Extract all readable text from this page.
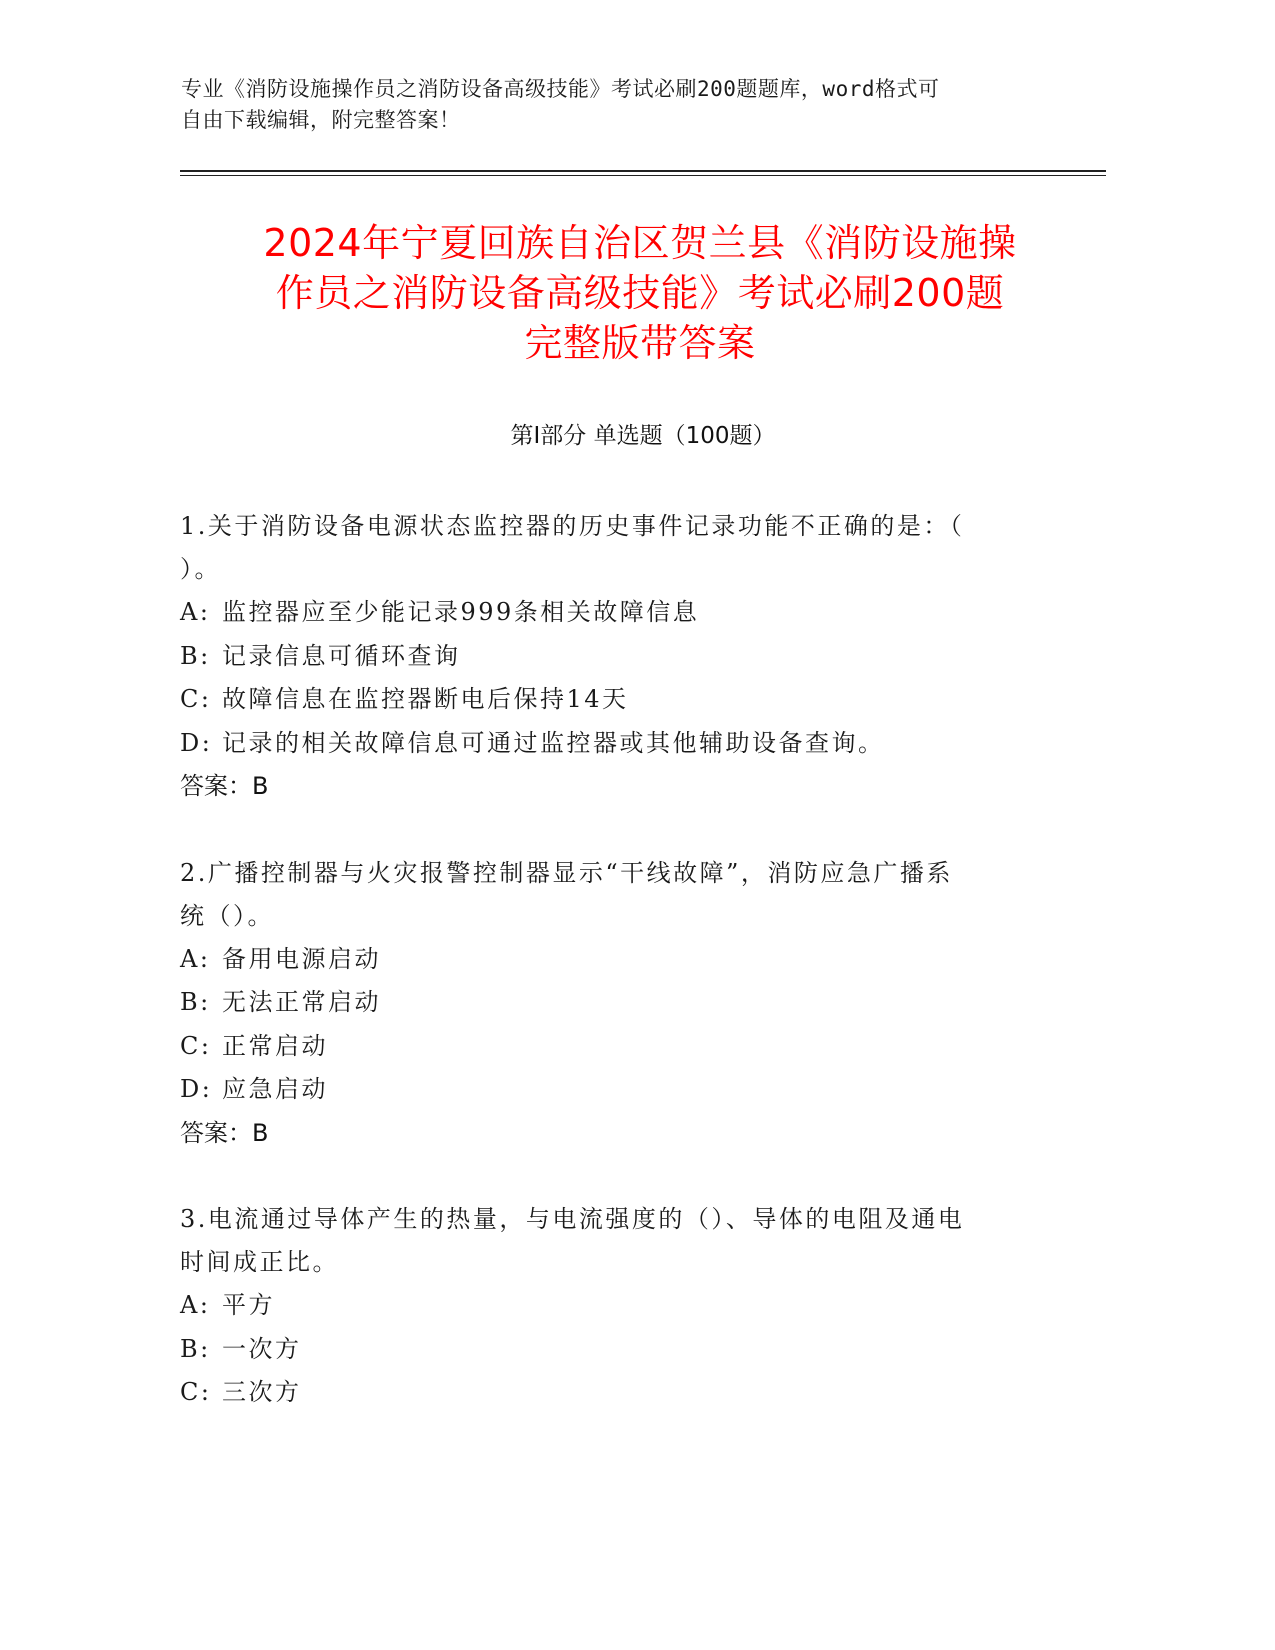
专业《消防设施操作员之消防设备高级技能》考试必刷200题题库，word格式可
自由下载编辑，附完整答案！
2024年宁夏回族自治区贺兰县《消防设施操
作员之消防设备高级技能》考试必刷200题
完整版带答案
第I部分 单选题（100题）
1.关于消防设备电源状态监控器的历史事件记录功能不正确的是：（
）。
A: 监控器应至少能记录999条相关故障信息
B: 记录信息可循环查询
C: 故障信息在监控器断电后保持14天
D: 记录的相关故障信息可通过监控器或其他辅助设备查询。
答案：B
2.广播控制器与火灾报警控制器显示“干线故障”，消防应急广播系
统（）。
A: 备用电源启动
B: 无法正常启动
C: 正常启动
D: 应急启动
答案：B
3.电流通过导体产生的热量，与电流强度的（）、导体的电阻及通电
时间成正比。
A: 平方
B: 一次方
C: 三次方
